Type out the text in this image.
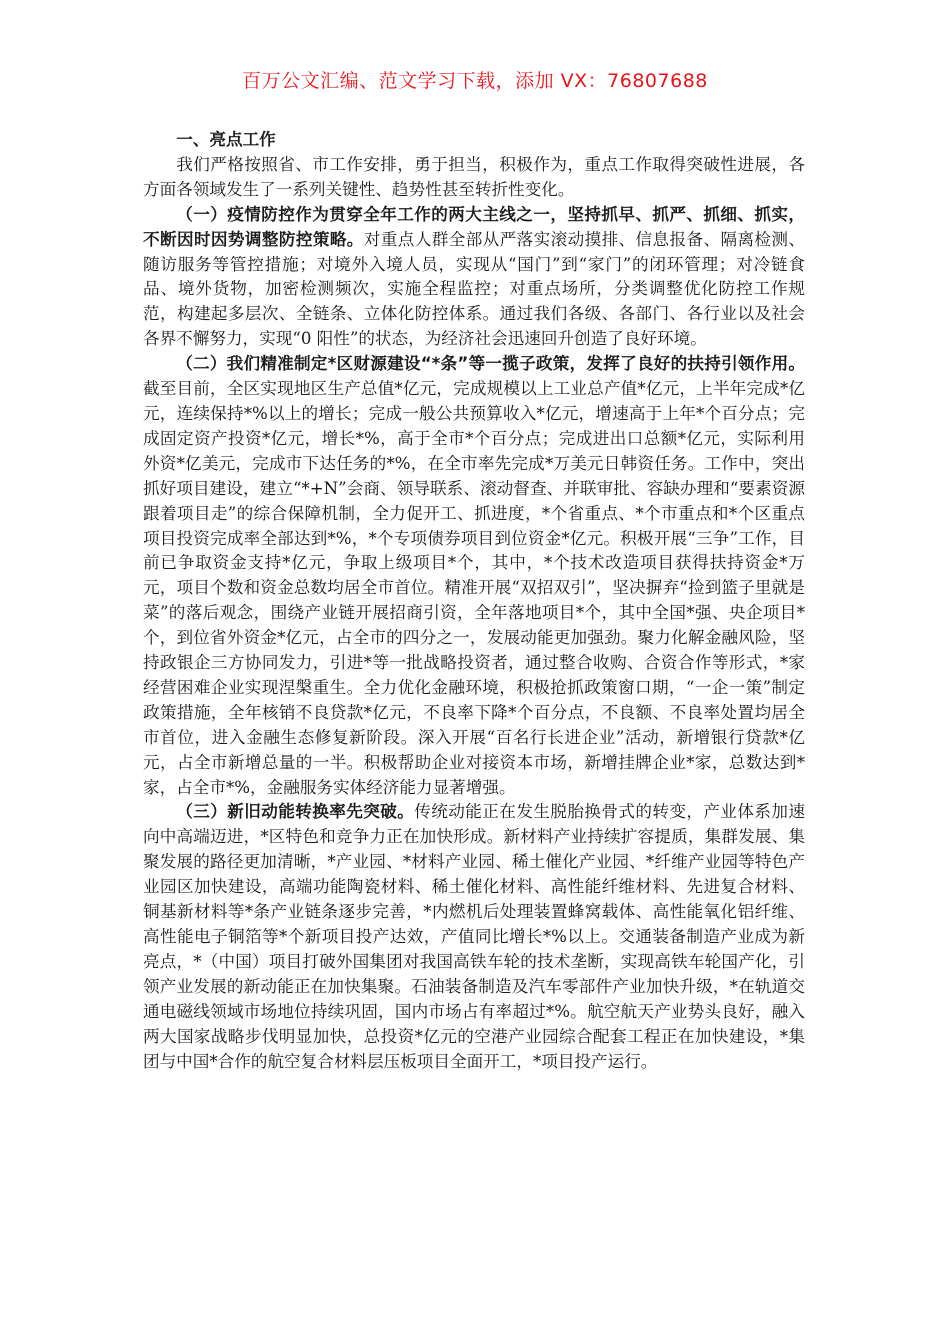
百万公文汇编、范文学习下载，添加 VX：76807688

一、亮点工作

我们严格按照省、市工作安排，勇于担当，积极作为，重点工作取得突破性进展，各方面各领域发生了一系列关键性、趋势性甚至转折性变化。

（一）疫情防控作为贯穿全年工作的两大主线之一，坚持抓早、抓严、抓细、抓实，不断因时因势调整防控策略。对重点人群全部从严落实滚动摸排、信息报备、隔离检测、随访服务等管控措施；对境外入境人员，实现从“国门”到“家门”的闭环管理；对冷链食品、境外货物，加密检测频次，实施全程监控；对重点场所，分类调整优化防控工作规范，构建起多层次、全链条、立体化防控体系。通过我们各级、各部门、各行业以及社会各界不懈努力，实现“0 阳性”的状态，为经济社会迅速回升创造了良好环境。

（二）我们精准制定*区财源建设“*条”等一揽子政策，发挥了良好的扶持引领作用。截至目前，全区实现地区生产总值*亿元，完成规模以上工业总产值*亿元，上半年完成*亿元，连续保持*%以上的增长；完成一般公共预算收入*亿元，增速高于上年*个百分点；完成固定资产投资*亿元，增长*%，高于全市*个百分点；完成进出口总额*亿元，实际利用外资*亿美元，完成市下达任务的*%，在全市率先完成*万美元日韩资任务。工作中，突出抓好项目建设，建立“*+N”会商、领导联系、滚动督查、并联审批、容缺办理和“要素资源跟着项目走”的综合保障机制，全力促开工、抓进度，*个省重点、*个市重点和*个区重点项目投资完成率全部达到*%，*个专项债券项目到位资金*亿元。积极开展“三争”工作，目前已争取资金支持*亿元，争取上级项目*个，其中，*个技术改造项目获得扶持资金*万元，项目个数和资金总数均居全市首位。精准开展“双招双引”，坚决摒弃“捡到篮子里就是菜”的落后观念，围绕产业链开展招商引资，全年落地项目*个，其中全国*强、央企项目*个，到位省外资金*亿元，占全市的四分之一，发展动能更加强劲。聚力化解金融风险，坚持政银企三方协同发力，引进*等一批战略投资者，通过整合收购、合资合作等形式，*家经营困难企业实现涅槃重生。全力优化金融环境，积极抢抓政策窗口期，“一企一策”制定政策措施，全年核销不良贷款*亿元，不良率下降*个百分点，不良额、不良率处置均居全市首位，进入金融生态修复新阶段。深入开展“百名行长进企业”活动，新增银行贷款*亿元，占全市新增总量的一半。积极帮助企业对接资本市场，新增挂牌企业*家，总数达到*家，占全市*%，金融服务实体经济能力显著增强。

（三）新旧动能转换率先突破。传统动能正在发生脱胎换骨式的转变，产业体系加速向中高端迈进，*区特色和竞争力正在加快形成。新材料产业持续扩容提质，集群发展、集聚发展的路径更加清晰，*产业园、*材料产业园、稀土催化产业园、*纤维产业园等特色产业园区加快建设，高端功能陶瓷材料、稀土催化材料、高性能纤维材料、先进复合材料、铜基新材料等*条产业链条逐步完善，*内燃机后处理装置蜂窝载体、高性能氧化铝纤维、高性能电子铜箔等*个新项目投产达效，产值同比增长*%以上。交通装备制造产业成为新亮点，*（中国）项目打破外国集团对我国高铁车轮的技术垄断，实现高铁车轮国产化，引领产业发展的新动能正在加快集聚。石油装备制造及汽车零部件产业加快升级，*在轨道交通电磁线领域市场地位持续巩固，国内市场占有率超过*%。航空航天产业势头良好，融入两大国家战略步伐明显加快，总投资*亿元的空港产业园综合配套工程正在加快建设，*集团与中国*合作的航空复合材料层压板项目全面开工，*项目投产运行。
